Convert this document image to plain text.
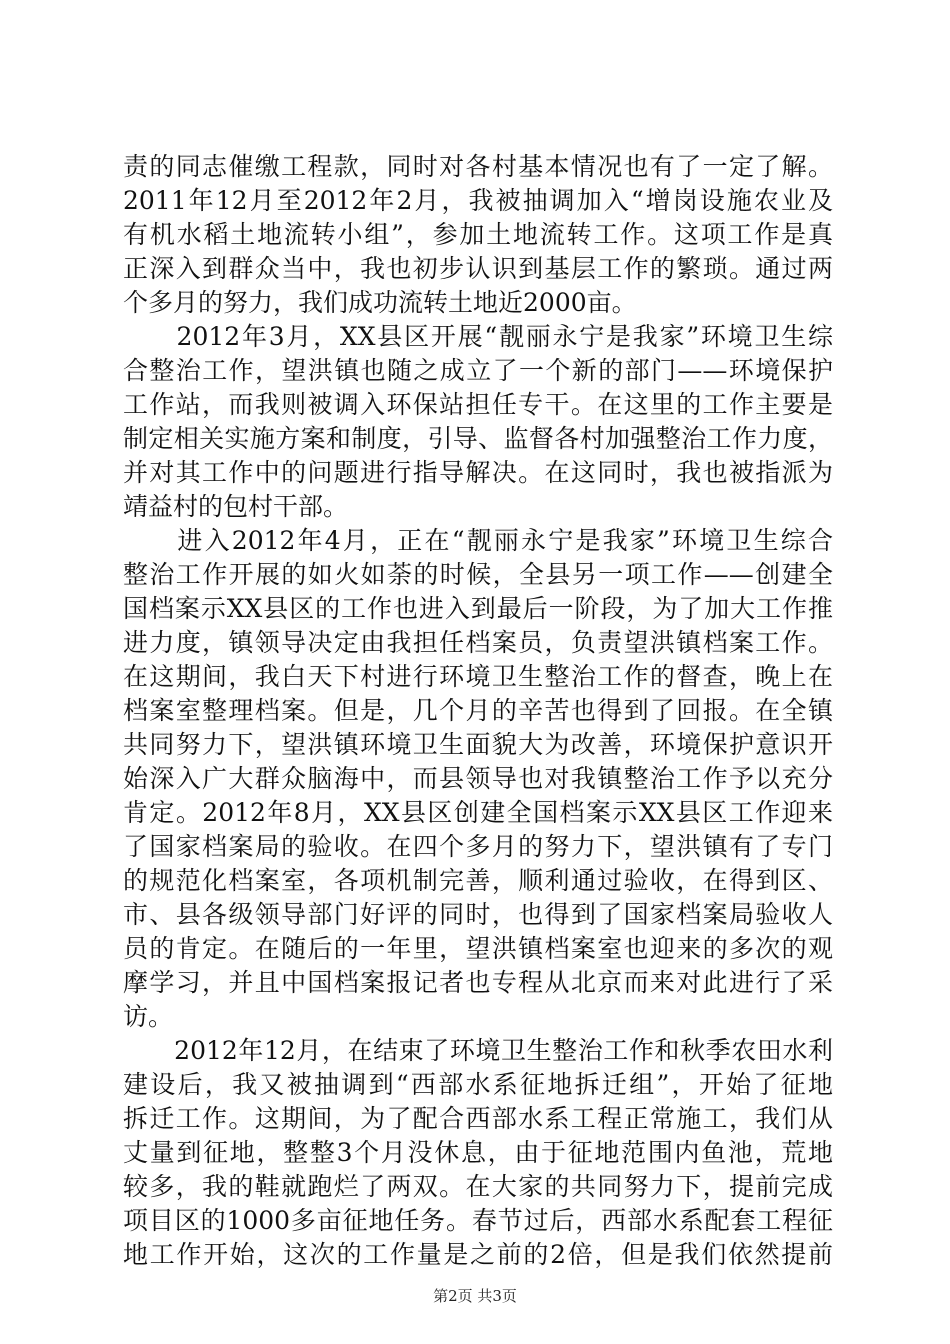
责的同志催缴工程款，同时对各村基本情况也有了一定了解。
2011年12月至2012年2月，我被抽调加入“增岗设施农业及
有机水稻土地流转小组”，参加土地流转工作。这项工作是真
正深入到群众当中，我也初步认识到基层工作的繁琐。通过两
个多月的努力，我们成功流转土地近2000亩。
　　2012年3月，XX县区开展“靓丽永宁是我家”环境卫生综
合整治工作，望洪镇也随之成立了一个新的部门——环境保护
工作站，而我则被调入环保站担任专干。在这里的工作主要是
制定相关实施方案和制度，引导、监督各村加强整治工作力度，
并对其工作中的问题进行指导解决。在这同时，我也被指派为
靖益村的包村干部。
　　进入2012年4月，正在“靓丽永宁是我家”环境卫生综合
整治工作开展的如火如荼的时候，全县另一项工作——创建全
国档案示XX县区的工作也进入到最后一阶段，为了加大工作推
进力度，镇领导决定由我担任档案员，负责望洪镇档案工作。
在这期间，我白天下村进行环境卫生整治工作的督查，晚上在
档案室整理档案。但是，几个月的辛苦也得到了回报。在全镇
共同努力下，望洪镇环境卫生面貌大为改善，环境保护意识开
始深入广大群众脑海中，而县领导也对我镇整治工作予以充分
肯定。2012年8月，XX县区创建全国档案示XX县区工作迎来
了国家档案局的验收。在四个多月的努力下，望洪镇有了专门
的规范化档案室，各项机制完善，顺利通过验收，在得到区、
市、县各级领导部门好评的同时，也得到了国家档案局验收人
员的肯定。在随后的一年里，望洪镇档案室也迎来的多次的观
摩学习，并且中国档案报记者也专程从北京而来对此进行了采
访。
　　2012年12月，在结束了环境卫生整治工作和秋季农田水利
建设后，我又被抽调到“西部水系征地拆迁组”，开始了征地
拆迁工作。这期间，为了配合西部水系工程正常施工，我们从
丈量到征地，整整3个月没休息，由于征地范围内鱼池，荒地
较多，我的鞋就跑烂了两双。在大家的共同努力下，提前完成
项目区的1000多亩征地任务。春节过后，西部水系配套工程征
地工作开始，这次的工作量是之前的2倍，但是我们依然提前
第2页 共3页
